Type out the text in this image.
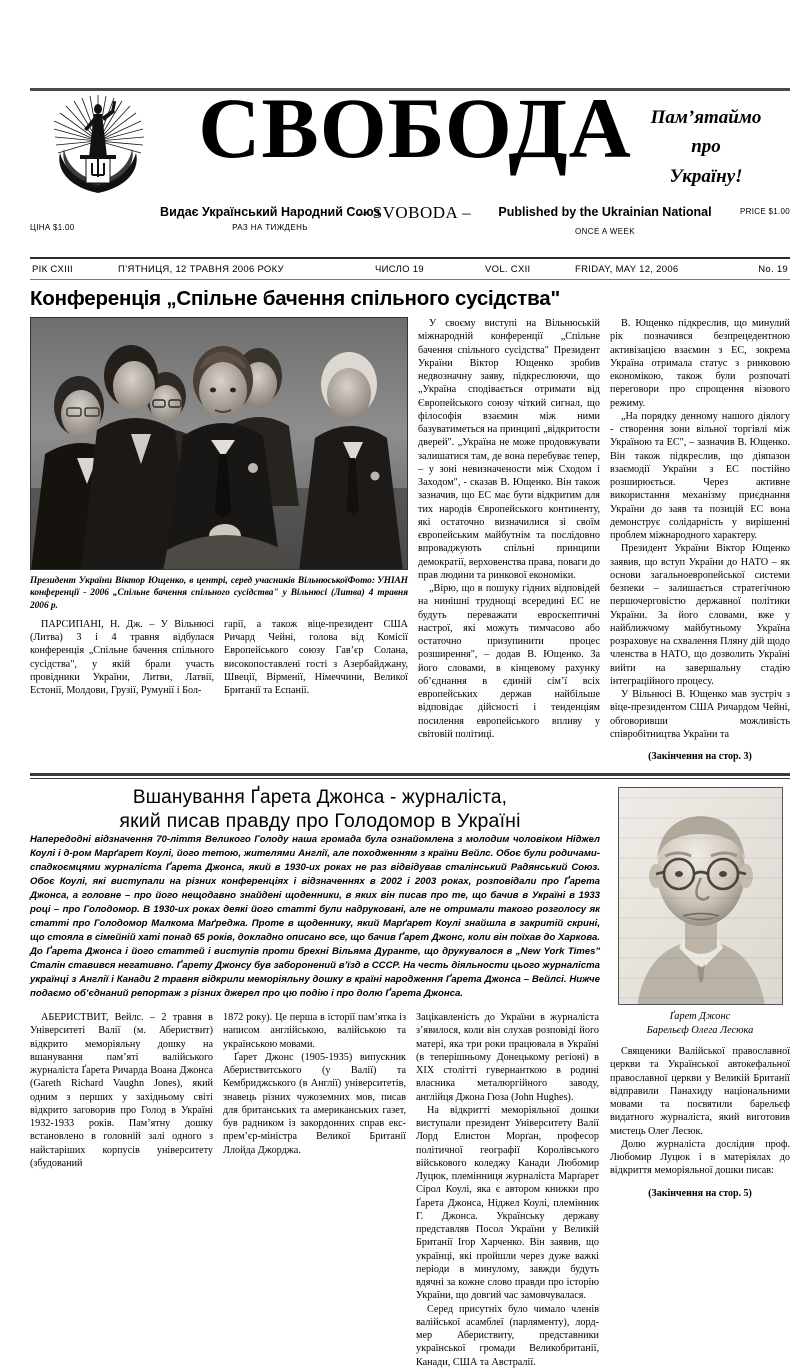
СВОБОДА Пам’ятаймо
про
Україну!
ЦІНА $1.00
Видає Український Народний Союз
РАЗ НА ТИЖДЕНЬ
– SVOBODA –	Published by the Ukrainian National
ONCE A WEEK
PRICE $1.00
РІК CXIII	П’ЯТНИЦЯ, 12 ТРАВНЯ 2006 РОКУ	ЧИСЛО 19	VOL. CXII	FRIDAY, MAY 12, 2006	No. 19
Конференція „Спільне бачення спільного сусідства"
Фото: УНІАН
Президент України Віктор Ющенко, в центрі, серед учасників Вільнюської конференції - 2006 „Спільне бачення спільного сусідства" у Вільнюсі (Литва) 4 травня 2006 р.

ПАРСИПАНІ, Н. Дж. – У Вільнюсі (Литва) 3 і 4 травня відбулася конференція „Спільне бачення спільного сусідства", у якій брали участь провідники України, Литви, Латвії, Естонії, Молдови, Грузії, Румунії і Бол-

гарії, а також віце-президент США Ричард Чейні, голова від Комісії Европейського союзу Гав’єр Солана, високопоставлені гості з Азербайджану, Швеції, Вірменії, Німеччини, Великої Британії та Еспанії.

У своєму виступі на Вільнюській міжнародній конференції „Спільне бачення спільного сусідства" Президент України Віктор Ющенко зробив недвозначну заяву, підкреслюючи, що „Україна сподівається отримати від Європейського союзу чіткий сигнал, що філософія взаємин між ними базуватиметься на принципі „відкритости дверей". „Україна не може продовжувати залишатися там, де вона перебуває тепер, – у зоні невизначености між Сходом і Заходом", - сказав В. Ющенко. Він також зазначив, що ЕС має бути відкритим для тих народів Європейського континенту, які остаточно визначилися зі своїм європейським майбутнім та послідовно впроваджують спільні принципи демократії, верховенства права, поваги до прав людини та ринкової економіки.

„Вірю, що в пошуку гідних відповідей на нинішні труднощі всередині ЕС не будуть переважати евроскептичні настрої, які можуть тимчасово або остаточно призупинити процес розширення", – додав В. Ющенко. За його словами, в кінцевому рахунку об’єднання в єдиній сім’ї всіх европейських держав найбільше відповідає дійсності і тенденціям посилення европейського впливу у світовій політиці.

В. Ющенко підкреслив, що минулий рік позначився безпрецедентною активізацією взаємин з ЕС, зокрема Україна отримала статус з ринковою економікою, також були розпочаті переговори про спрощення візового режиму.

„На порядку денному нашого діялогу - створення зони вільної торгівлі між Україною та ЕС", – зазначив В. Ющенко. Він також підкреслив, що діяпазон взаємодії України з ЕС постійно розширюється. Через активне використання механізму приєднання України до заяв та позицій ЕС вона демонструє солідарність у вирішенні проблем міжнародного характеру.

Президент України Віктор Ющенко заявив, що вступ України до НАТО – як основи загальноевропейської системи безпеки – залишається стратегічною першочерговістю державної політики України. За його словами, вже у найближчому майбутньому Україна розраховує на схвалення Пляну дій щодо членства в НАТО, що дозволить Україні вийти на завершальну стадію інтеграційного процесу.

У Вільнюсі В. Ющенко мав зустріч з віце-президентом США Ричардом Чейні, обговоривши можливість співробітництва України та

(Закінчення на стор. 3)
Вшанування Ґарета Джонса - журналіста,
який писав правду про Голодомор в Україні

Напередодні відзначення 70-ліття Великого Голоду наша громада була ознайомлена з молодим чоловіком Ніджел Коулі і д-ром Марґарет Коулі, його тетою, жителями Англії, але походженням з країни Вейлс. Обоє були родичами-спадкоємцями журналіста Ґарета Джонса, який в 1930-их роках не раз відвідував сталінський Радянський Союз. Обоє Коулі, які виступали на різних конференціях і відзначеннях в 2002 і 2003 роках, розповідали про Ґарета Джонса, а головне – про його нещодавно знайдені щоденники, в яких він писав про те, що бачив в Україні в 1933 році – про Голодомор. В 1930-их роках деякі його статті були надруковані, але не отримали такого розголосу як статті про Голодомор Малкома Маґреджа. Проте в щоденнику, який Марґарет Коулі знайшла в закритій скрині, що стояла в сімейній хаті понад 65 років, докладно описано все, що бачив Ґарет Джонс, коли він поїхав до Харкова. До Ґарета Джонса і його статтей і виступів проти брехні Вільяма Дуранте, що друкувалося в „New York Times" Сталін ставився негативно. Ґарету Джонсу був заборонений в’їзд в СССР. На честь діяльности цього журналіста українці з Англії і Канади 2 травня відкрили меморіяльну дошку в країні народження Ґарета Джонса – Вейлсі. Нижче подаємо об’єднаний репортаж з різних джерел про цю подію і про долю Ґарета Джонса.

АБЕРИСТВИТ, Вейлс. – 2 травня в Університеті Валії (м. Абериствит) відкрито меморіяльну дошку на вшанування пам’яті валійського журналіста Ґарета Ричарда Воана Джонса (Gareth Richard Vaughn Jones), який одним з перших у західньому світі відкрито заговорив про Голод в Україні 1932-1933 років. Пам’ятну дошку встановлено в головній залі одного з найстаріших корпусів університету (збудований

1872 року). Це перша в історії пам’ятка із написом англійською, валійською та українською мовами.

Ґарет Джонс (1905-1935) випускник Абериствитського (у Валії) та Кембриджського (в Англії) університетів, знавець різних чужоземних мов, писав для британських та американських газет, був радником із закордонних справ екс-прем’єр-міністра Великої Британії Ллойда Джорджа.

Зацікавленість до України в журналіста з’явилося, коли він слухав розповіді його матері, яка три роки працювала в Україні (в теперішньому Донецькому регіоні) в XIX столітті гувернанткою в родині власника металюргійного заводу, англійця Джона Гюза (John Hughes).

На відкритті меморіяльної дошки виступали президент Університету Валії Лорд Елистон Морґан, професор політичної географії Королівського військового коледжу Канади Любомир Луцюк, племінниця журналіста Марґарет Сірол Коулі, яка є автором книжки про Ґарета Джонса, Ніджел Коулі, племінник Г. Джонса. Українську державу представляв Посол України у Великій Британії Ігор Харченко. Він заявив, що українці, які пройшли через дуже важкі періоди в минулому, завжди будуть вдячні за кожне слово правди про історію України, що довгий час замовчувалася.

Серед присутніх було чимало членів валійської асамблеї (парляменту), лорд-мер Абериствиту, представники української громади Великобританії, Канади, США та Австралії.

Ґарет Джонс
Барельєф Олега Лесюка

Священики Валійської православної церкви та Української автокефальної православної церкви у Великій Британії відправили Панахиду національними мовами та посвятили барельєф видатного журналіста, який виготовив мистець Олег Лесюк.

Долю журналіста дослідив проф. Любомир Луцюк і в матеріялах до відкриття меморіяльної дошки писав:

(Закінчення на стор. 5)
